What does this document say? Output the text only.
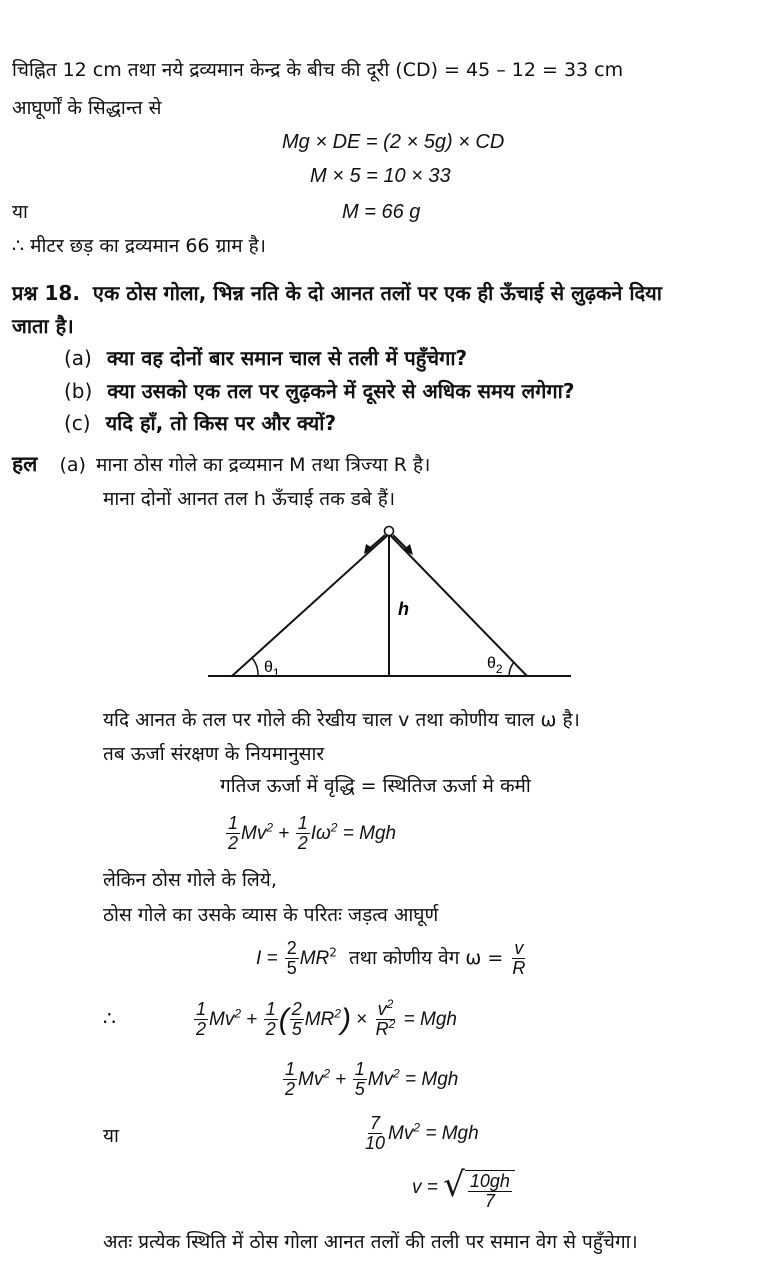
चिह्नित 12 cm तथा नये द्रव्यमान केन्द्र के बीच की दूरी (CD) = 45 – 12 = 33 cm
आघूर्णों के सिद्धान्त से
Mg × DE = (2 × 5g) × CD
M × 5 = 10 × 33
या	M = 66 g
∴ मीटर छड़ का द्रव्यमान 66 ग्राम है।
प्रश्न 18. एक ठोस गोला, भिन्न नति के दो आनत तलों पर एक ही ऊँचाई से लुढ़कने दिया
जाता है।
(a) क्या वह दोनों बार समान चाल से तली में पहुँचेगा?
(b) क्या उसको एक तल पर लुढ़कने में दूसरे से अधिक समय लगेगा?
(c) यदि हाँ, तो किस पर और क्यों?
हल (a) माना ठोस गोले का द्रव्यमान M तथा त्रिज्या R है।
माना दोनों आनत तल h ऊँचाई तक डबे हैं।
h
$\theta_1$
$\theta_2$
यदि आनत के तल पर गोले की रेखीय चाल v तथा कोणीय चाल ω है।
तब ऊर्जा संरक्षण के नियमानुसार
गतिज ऊर्जा में वृद्धि = स्थितिज ऊर्जा मे कमी
$\frac{1}{2} Mv^2 + \frac{1}{2} I\omega^2$ = Mgh
लेकिन ठोस गोले के लिये,
ठोस गोले का उसके व्यास के परितः जड़त्व आघूर्ण
$I = \frac{2}{5} MR^2$ तथा कोणीय वेग $\omega = \frac{v}{R}$
∴	$\frac{1}{2} Mv^2 + \frac{1}{2}$ ( $\frac{2}{5} MR^2) \times \frac{v^2}{R^2}$ = Mgh
$\frac{1}{2} Mv^2 + \frac{1}{5} Mv^2$ = Mgh
या	$\frac{7}{10} Mv^2$ = Mgh
v = √ 10gh
7
अतः प्रत्येक स्थिति में ठोस गोला आनत तलों की तली पर समान वेग से पहुँचेगा।
